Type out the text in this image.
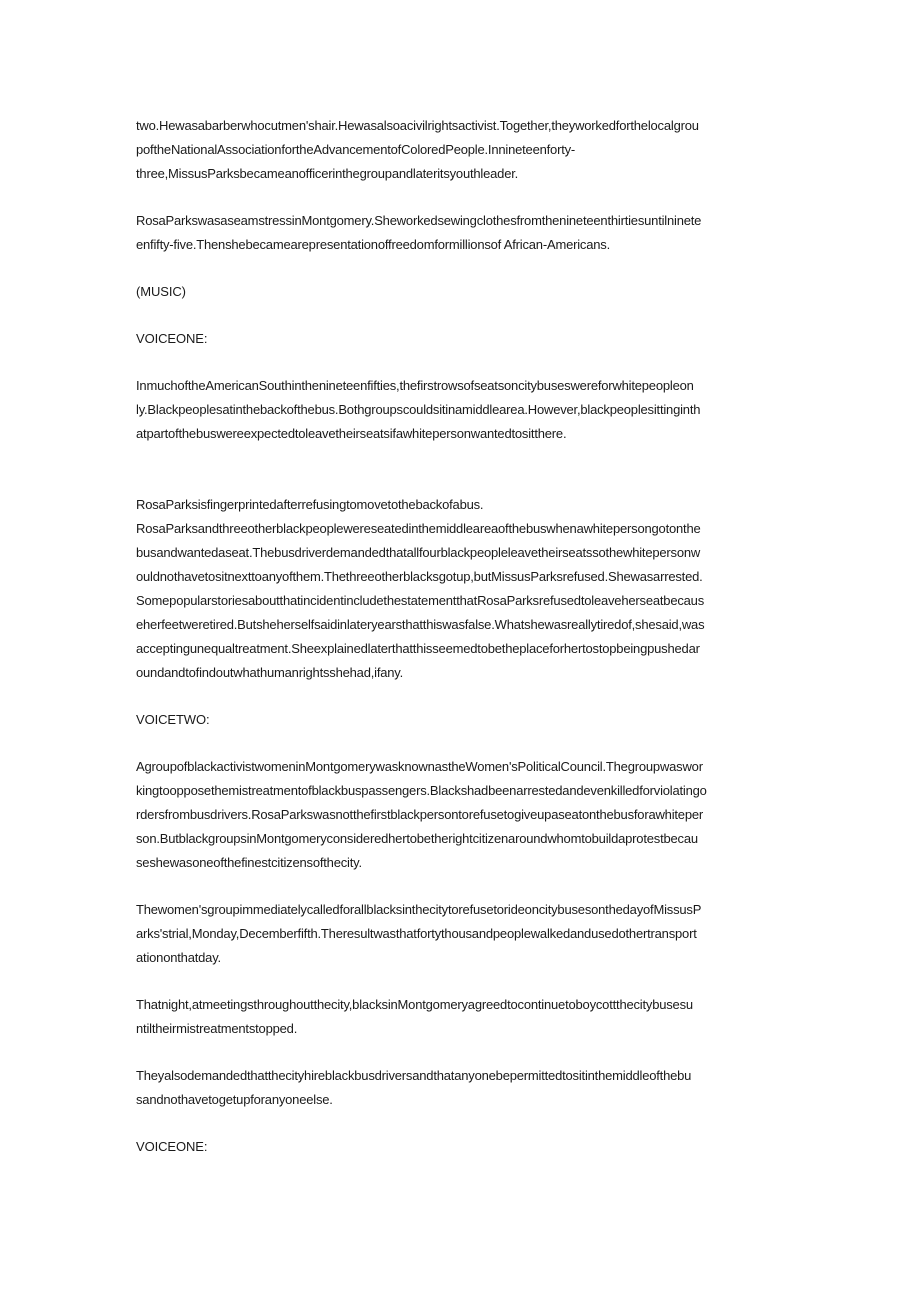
two.Hewasabarberwhocutmen'shair.Hewasalsoacivilrightsactivist.Together,theyworkedforthelocalgrou
poftheNationalAssociationfortheAdvancementofColoredPeople.Innineteenforty-
three,MissusParksbecameanofficerinthegroupandlateritsyouthleader.
RosaParkswasaseamstressinMontgomery.Sheworkedsewingclothesfromthenineteenthirtiesuntilninete
enfifty-five.Thenshebecamearepresentationoffreedomformillionsof African-Americans.
(MUSIC)
VOICEONE:
InmuchoftheAmericanSouthinthenineteenfifties,thefirstrowsofseatsoncitybuseswereforwhitepeopleon
ly.Blackpeoplesatinthebackofthebus.Bothgroupscouldsitinamiddlearea.However,blackpeoplesittinginth
atpartofthebuswereexpectedtoleavetheirseatsifawhitepersonwantedtositthere.
RosaParksisfingerprintedafterrefusingtomovetothebackofabus.
RosaParksandthreeotherblackpeoplewereseatedinthemiddleareaofthebuswhenawhitepersongotonthe
busandwantedaseat.Thebusdriverdemandedthatallfourblackpeopleleavetheirseatssothewhitepersonw
ouldnothavetositnexttoanyofthem.Thethreeotherblacksgotup,butMissusParksrefused.Shewasarrested.
SomepopularstoriesaboutthatincidentincludethestatementthatRosaParksrefusedtoleaveherseatbecaus
eherfeetweretired.Butsheherselfsaidinlateryearsthatthiswasfalse.Whatshewasreallytiredof,shesaid,was
acceptingunequaltreatment.Sheexplainedlaterthatthisseemedtobetheplaceforhertostopbeingpushedar
oundandtofindoutwhathumanrightsshehad,ifany.
VOICETWO:
AgroupofblackactivistwomeninMontgomerywasknownastheWomen'sPoliticalCouncil.Thegroupwaswor
kingtoopposethemistreatmentofblackbuspassengers.Blackshadbeenarrestedandevenkilledforviolatingo
rdersfrombusdrivers.RosaParkswasnotthefirstblackpersontorefusetogiveupaseatonthebusforawhiteper
son.ButblackgroupsinMontgomeryconsideredhertobetherightcitizenaroundwhomtobuildaprotestbecau
seshewasoneofthefinestcitizensofthecity.
Thewomen'sgroupimmediatelycalledforallblacksinthecitytorefusetorideoncitybusesonthedayofMissusP
arks'strial,Monday,Decemberfifth.Theresultwasthatfortythousandpeoplewalkedandusedothertransport
ationonthatday.
Thatnight,atmeetingsthroughoutthecity,blacksinMontgomeryagreedtocontinuetoboycottthecitybusesu
ntiltheirmistreatmentstopped.
Theyalsodemandedthatthecityhireblackbusdriversandthatanyonebepermittedtositinthemiddleofthebu
sandnothavetogetupforanyoneelse.
VOICEONE:
